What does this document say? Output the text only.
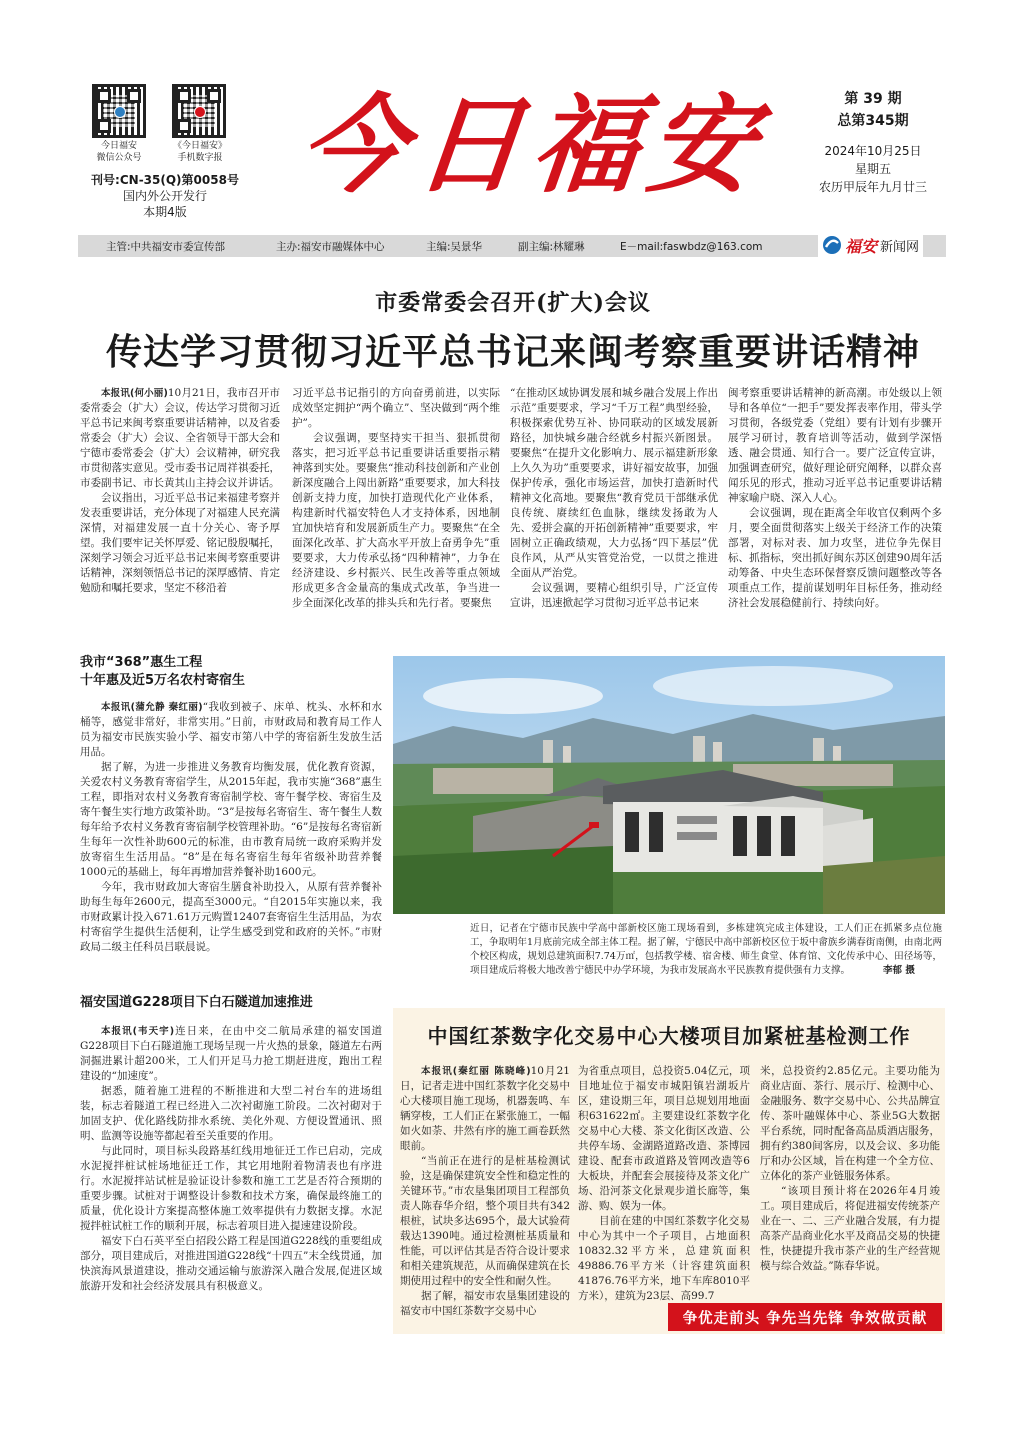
今日福安
微信公众号
《今日福安》
手机数字报
刊号:CN-35(Q)第0058号
国内外公开发行
本期4版
今日福安	第 39 期
总第345期
2024年10月25日
星期五
农历甲辰年九月廿三
主管:中共福安市委宣传部	主办:福安市融媒体中心	主编:吴景华	副主编:林耀琳	E－mail:faswbdz@163.com	福安 新闻网
市委常委会召开(扩大)会议
传达学习贯彻习近平总书记来闽考察重要讲话精神

本报讯(何小丽)10月21日，我市召开市委常委会（扩大）会议，传达学习贯彻习近平总书记来闽考察重要讲话精神，以及省委常委会（扩大）会议、全省领导干部大会和宁德市委常委会（扩大）会议精神，研究我市贯彻落实意见。受市委书记周祥祺委托，市委副书记、市长黄其山主持会议并讲话。

会议指出，习近平总书记来福建考察并发表重要讲话，充分体现了对福建人民充满深情，对福建发展一直十分关心、寄予厚望。我们要牢记关怀厚爱、铭记殷殷嘱托，深刻学习领会习近平总书记来闽考察重要讲话精神，深刻领悟总书记的深厚感情、肯定勉励和嘱托要求，坚定不移沿着

习近平总书记指引的方向奋勇前进，以实际成效坚定拥护“两个确立”、坚决做到“两个维护”。

会议强调，要坚持实干担当、狠抓贯彻落实，把习近平总书记重要讲话重要指示精神落到实处。要聚焦“推动科技创新和产业创新深度融合上闯出新路”重要要求，加大科技创新支持力度，加快打造现代化产业体系，构建新时代福安特色人才支持体系，因地制宜加快培育和发展新质生产力。要聚焦“在全面深化改革、扩大高水平开放上奋勇争先”重要要求，大力传承弘扬“四种精神”，力争在经济建设、乡村振兴、民生改善等重点领域形成更多含金量高的集成式改革，争当进一步全面深化改革的排头兵和先行者。要聚焦

“在推动区域协调发展和城乡融合发展上作出示范”重要要求，学习“千万工程”典型经验，积极探索优势互补、协同联动的区域发展新路径，加快城乡融合经就乡村振兴新图景。要聚焦“在提升文化影响力、展示福建新形象上久久为功”重要要求，讲好福安故事，加强保护传承，强化市场运营，加快打造新时代精神文化高地。要聚焦“教育党员干部继承优良传统、赓续红色血脉，继续发扬敢为人先、爱拼会赢的开拓创新精神”重要要求，牢固树立正确政绩观，大力弘扬“四下基层”优良作风，从严从实管党治党，一以贯之推进全面从严治党。

会议强调，要精心组织引导，广泛宣传宣讲，迅速掀起学习贯彻习近平总书记来

闽考察重要讲话精神的新高潮。市处级以上领导和各单位“一把手”要发挥表率作用，带头学习贯彻，各级党委（党组）要有计划有步骤开展学习研讨，教育培训等活动，做到学深悟透、融会贯通、知行合一。要广泛宣传宣讲，加强调查研究，做好理论研究阐释，以群众喜闻乐见的形式，推动习近平总书记重要讲话精神家喻户晓、深入人心。

会议强调，现在距离全年收官仅剩两个多月，要全面贯彻落实上级关于经济工作的决策部署，对标对表、加力攻坚，进位争先保目标、抓指标，突出抓好闽东苏区创建90周年活动筹备、中央生态环保督察反馈问题整改等各项重点工作，提前谋划明年目标任务，推动经济社会发展稳健前行、持续向好。

我市“368”惠生工程
十年惠及近5万名农村寄宿生

本报讯(蒲允静 秦红丽)“我收到被子、床单、枕头、水杯和水桶等，感觉非常好，非常实用。”日前，市财政局和教育局工作人员为福安市民族实验小学、福安市第八中学的寄宿新生发放生活用品。

据了解，为进一步推进义务教育均衡发展，优化教育资源，关爱农村义务教育寄宿学生，从2015年起，我市实施“368”惠生工程，即指对农村义务教育寄宿制学校、寄午餐学校、寄宿生及寄午餐生实行地方政策补助。“3”是按每名寄宿生、寄午餐生人数每年给予农村义务教育寄宿制学校管理补助。“6”是按每名寄宿新生每年一次性补助600元的标准，由市教育局统一政府采购并发放寄宿生生活用品。“8”是在每名寄宿生每年省级补助营养餐1000元的基础上，每年再增加营养餐补助1600元。

今年，我市财政加大寄宿生膳食补助投入，从原有营养餐补助每生每年2600元，提高至3000元。“自2015年实施以来，我市财政累计投入671.61万元购置12407套寄宿生生活用品，为农村寄宿学生提供生活便利，让学生感受到党和政府的关怀。”市财政局二级主任科员吕联晨说。

福安国道G228项目下白石隧道加速推进

本报讯(韦天宇)连日来，在由中交二航局承建的福安国道G228项目下白石隧道施工现场呈现一片火热的景象，隧道左右两洞掘进累计超200米，工人们开足马力抢工期赶进度，跑出工程建设的“加速度”。

据悉，随着施工进程的不断推进和大型二衬台车的进场组装，标志着隧道工程已经进入二次衬砌施工阶段。二次衬砌对于加固支护、优化路线防排水系统、美化外观、方便设置通讯、照明、监测等设施等都起着至关重要的作用。

与此同时，项目标头段路基红线用地征迁工作已启动，完成水泥搅拌桩试桩场地征迁工作，其它用地附着物清表也有序进行。水泥搅拌站试桩是验证设计参数和施工工艺是否符合预期的重要步骤。试桩对于调整设计参数和技术方案，确保最终施工的质量，优化设计方案提高整体施工效率提供有力数据支撑。水泥搅拌桩试桩工作的顺利开展，标志着项目进入提速建设阶段。

福安下白石英平至白招段公路工程是国道G228线的重要组成部分，项目建成后，对推进国道G228线“十四五”末全线贯通，加快滨海风景道建设，推动交通运输与旅游深入融合发展,促进区域旅游开发和社会经济发展具有积极意义。

近日，记者在宁德市民族中学高中部新校区施工现场看到，多栋建筑完成主体建设，工人们正在抓紧多点位施工，争取明年1月底前完成全部主体工程。据了解，宁德民中高中部新校区位于坂中畲族乡满春街南侧，由南北两个校区构成，规划总建筑面积7.74万㎡，包括教学楼、宿舍楼、师生食堂、体育馆、文化传承中心、田径场等，项目建成后将极大地改善宁德民中办学环境，为我市发展高水平民族教育提供强有力支撑。	李郁 摄
中国红茶数字化交易中心大楼项目加紧桩基检测工作

本报讯(秦红丽 陈晓峰)10月21日，记者走进中国红茶数字化交易中心大楼项目施工现场，机器轰鸣、车辆穿梭，工人们正在紧张施工，一幅如火如荼、井然有序的施工画卷跃然眼前。

“当前正在进行的是桩基检测试验，这是确保建筑安全性和稳定性的关键环节。”市农垦集团项目工程部负责人陈春华介绍，整个项目共有342根桩，试块多达695个，最大试验荷载达1390吨。通过检测桩基质量和性能，可以评估其是否符合设计要求和相关建筑规范，从而确保建筑在长期使用过程中的安全性和耐久性。

据了解，福安市农垦集团建设的福安市中国红茶数字交易中心

为省重点项目，总投资5.04亿元，项目地址位于福安市城阳镇岩湖坂片区，建设期三年，项目总规划用地面积631622㎡。主要建设红茶数字化交易中心大楼、茶文化街区改造、公共停车场、金湖路道路改造、茶博园建设、配套市政道路及管网改造等6大板块，并配套会展接待及茶文化广场、沿河茶文化景观步道长廊等，集游、购、娱为一体。

目前在建的中国红茶数字化交易中心为其中一个子项目，占地面积10832.32平方米，总建筑面积49886.76平方米（计容建筑面积41876.76平方米，地下车库8010平方米），建筑为23层、高99.7

米，总投资约2.85亿元。主要功能为商业店面、茶行、展示厅、检测中心、金融服务、数字交易中心、公共品牌宣传、茶叶融媒体中心、茶业5G大数据平台系统，同时配备高品质酒店服务，拥有约380间客房，以及会议、多功能厅和办公区域，旨在构建一个全方位、立体化的茶产业链服务体系。

“该项目预计将在2026年4月竣工。项目建成后，将促进福安传统茶产业在一、二、三产业融合发展，有力提高茶产品商业化水平及商品交易的快捷性，快捷提升我市茶产业的生产经营规模与综合效益。”陈春华说。

争优走前头 争先当先锋 争效做贡献
